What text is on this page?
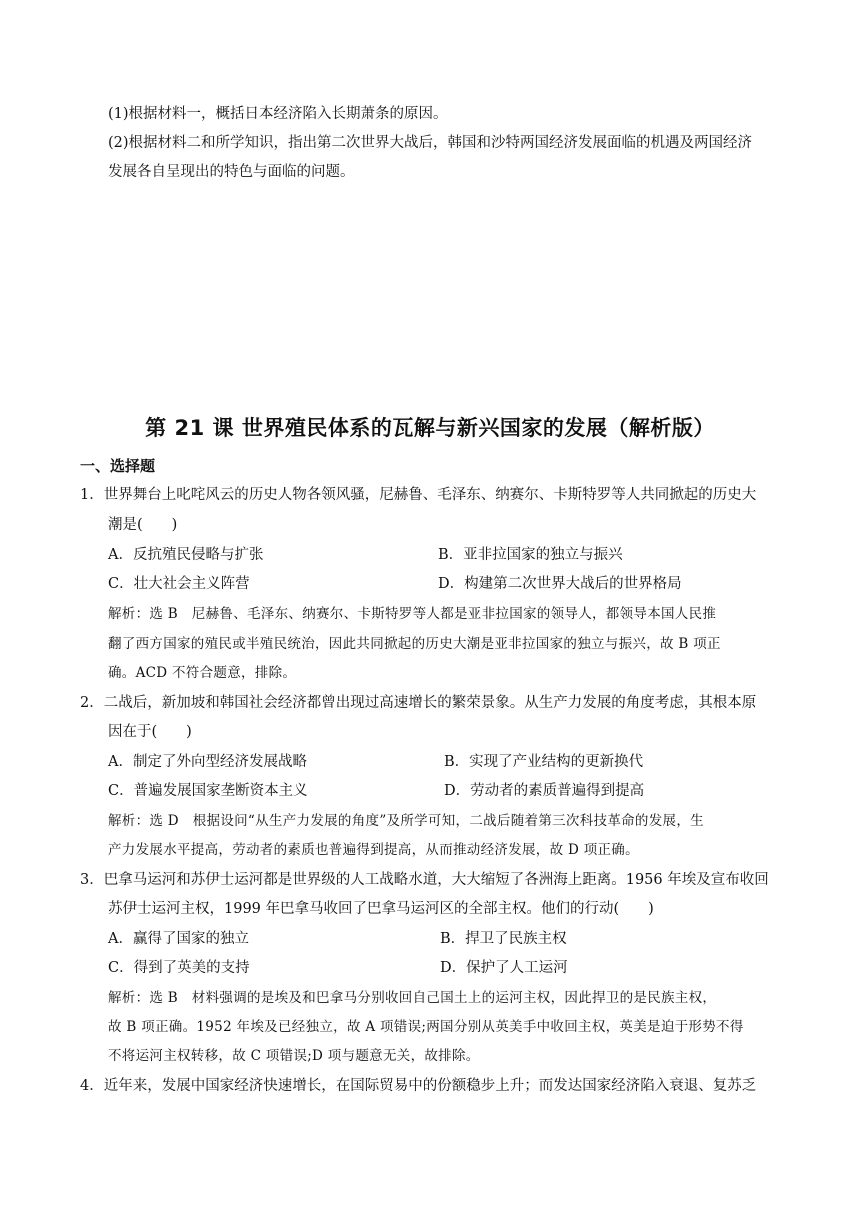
(1)根据材料一，概括日本经济陷入长期萧条的原因。
(2)根据材料二和所学知识，指出第二次世界大战后，韩国和沙特两国经济发展面临的机遇及两国经济
发展各自呈现出的特色与面临的问题。
第 21 课 世界殖民体系的瓦解与新兴国家的发展（解析版）
一、选择题
1．世界舞台上叱咤风云的历史人物各领风骚，尼赫鲁、毛泽东、纳赛尔、卡斯特罗等人共同掀起的历史大
潮是(　　)
A．反抗殖民侵略与扩张	B．亚非拉国家的独立与振兴
C．壮大社会主义阵营	D．构建第二次世界大战后的世界格局
解析：选 B　尼赫鲁、毛泽东、纳赛尔、卡斯特罗等人都是亚非拉国家的领导人，都领导本国人民推
翻了西方国家的殖民或半殖民统治，因此共同掀起的历史大潮是亚非拉国家的独立与振兴，故 B 项正
确。ACD 不符合题意，排除。
2．二战后，新加坡和韩国社会经济都曾出现过高速增长的繁荣景象。从生产力发展的角度考虑，其根本原
因在于(　　)
A．制定了外向型经济发展战略	B．实现了产业结构的更新换代
C．普遍发展国家垄断资本主义	D．劳动者的素质普遍得到提高
解析：选 D　根据设问“从生产力发展的角度”及所学可知，二战后随着第三次科技革命的发展，生
产力发展水平提高，劳动者的素质也普遍得到提高，从而推动经济发展，故 D 项正确。
3．巴拿马运河和苏伊士运河都是世界级的人工战略水道，大大缩短了各洲海上距离。1956 年埃及宣布收回
苏伊士运河主权，1999 年巴拿马收回了巴拿马运河区的全部主权。他们的行动(　　)
A．赢得了国家的独立	B．捍卫了民族主权
C．得到了英美的支持	D．保护了人工运河
解析：选 B　材料强调的是埃及和巴拿马分别收回自己国土上的运河主权，因此捍卫的是民族主权，
故 B 项正确。1952 年埃及已经独立，故 A 项错误;两国分别从英美手中收回主权，英美是迫于形势不得
不将运河主权转移，故 C 项错误;D 项与题意无关，故排除。
4．近年来，发展中国家经济快速增长，在国际贸易中的份额稳步上升；而发达国家经济陷入衰退、复苏乏
